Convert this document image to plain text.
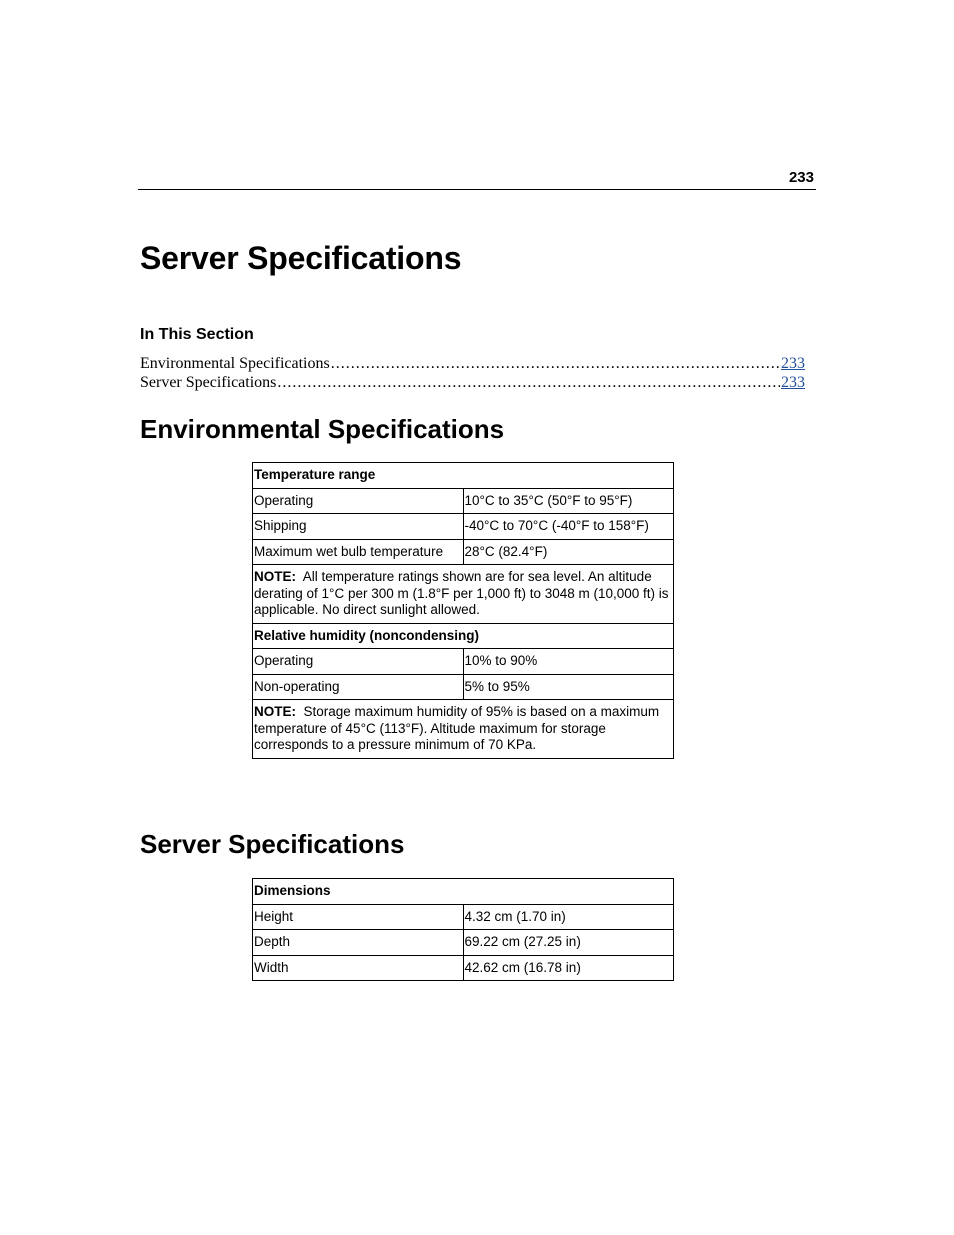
233
Server Specifications
In This Section
Environmental Specifications .....	233
Server Specifications .....	233
Environmental Specifications
Temperature range	
Operating	10°C to 35°C (50°F to 95°F)
Shipping	-40°C to 70°C (-40°F to 158°F)
Maximum wet bulb temperature	28°C (82.4°F)
NOTE: All temperature ratings shown are for sea level. An altitude derating of 1°C per 300 m (1.8°F per 1,000 ft) to 3048 m (10,000 ft) is applicable. No direct sunlight allowed.	
Relative humidity (noncondensing)	
Operating	10% to 90%
Non-operating	5% to 95%
NOTE: Storage maximum humidity of 95% is based on a maximum temperature of 45°C (113°F). Altitude maximum for storage corresponds to a pressure minimum of 70 KPa.	
Server Specifications
Dimensions	
Height	4.32 cm (1.70 in)
Depth	69.22 cm (27.25 in)
Width	42.62 cm (16.78 in)
